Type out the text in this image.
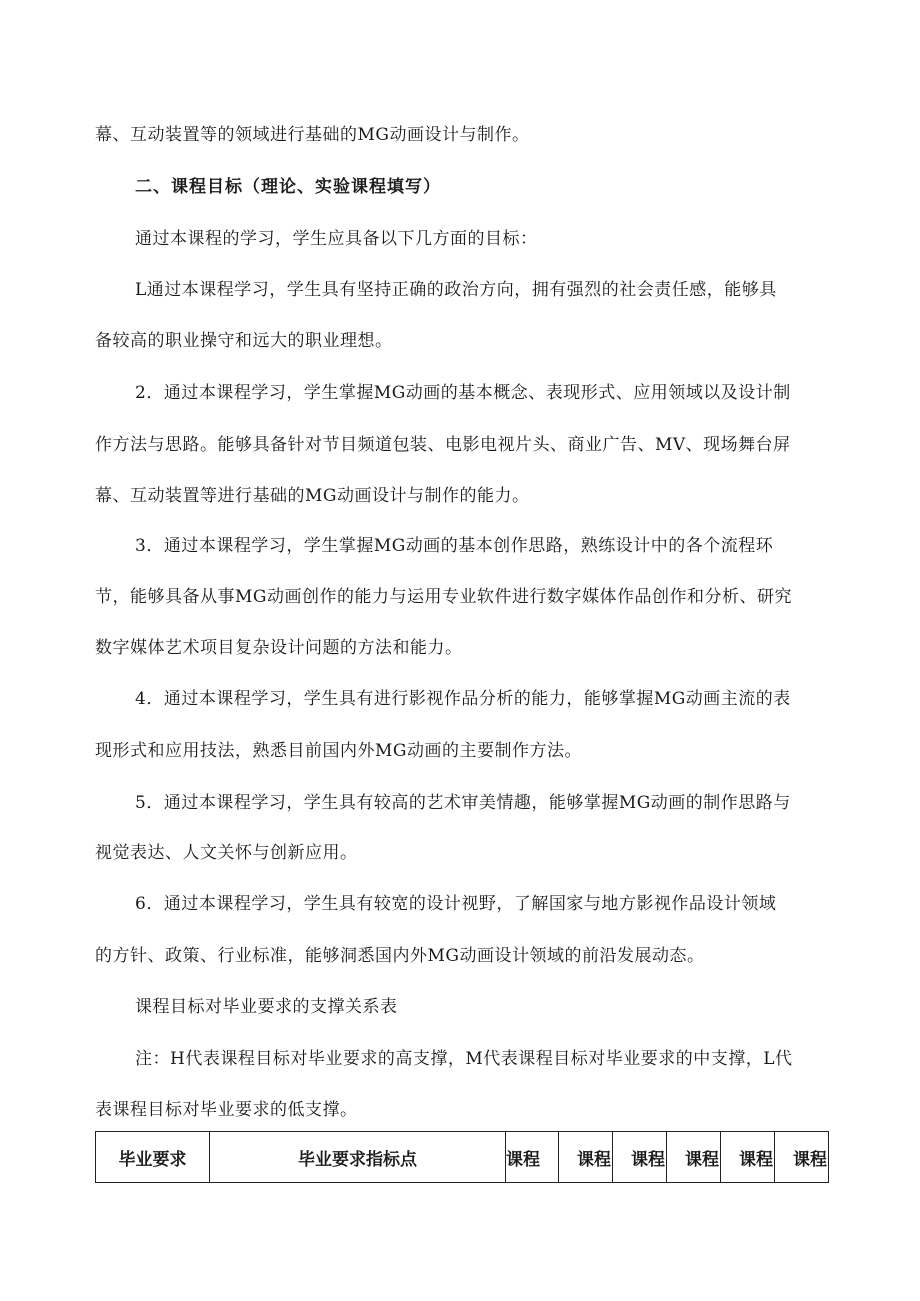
幕、互动装置等的领域进行基础的MG动画设计与制作。
二、课程目标（理论、实验课程填写）
通过本课程的学习，学生应具备以下几方面的目标：
L通过本课程学习，学生具有坚持正确的政治方向，拥有强烈的社会责任感，能够具
备较高的职业操守和远大的职业理想。
2．通过本课程学习，学生掌握MG动画的基本概念、表现形式、应用领域以及设计制
作方法与思路。能够具备针对节目频道包装、电影电视片头、商业广告、MV、现场舞台屏
幕、互动装置等进行基础的MG动画设计与制作的能力。
3．通过本课程学习，学生掌握MG动画的基本创作思路，熟练设计中的各个流程环
节，能够具备从事MG动画创作的能力与运用专业软件进行数字媒体作品创作和分析、研究
数字媒体艺术项目复杂设计问题的方法和能力。
4．通过本课程学习，学生具有进行影视作品分析的能力，能够掌握MG动画主流的表
现形式和应用技法，熟悉目前国内外MG动画的主要制作方法。
5．通过本课程学习，学生具有较高的艺术审美情趣，能够掌握MG动画的制作思路与
视觉表达、人文关怀与创新应用。
6．通过本课程学习，学生具有较宽的设计视野，了解国家与地方影视作品设计领域
的方针、政策、行业标准，能够洞悉国内外MG动画设计领域的前沿发展动态。
课程目标对毕业要求的支撑关系表
注：H代表课程目标对毕业要求的高支撑，M代表课程目标对毕业要求的中支撑，L代
表课程目标对毕业要求的低支撑。
毕业要求	毕业要求指标点	课程	课程	课程	课程	课程	课程
